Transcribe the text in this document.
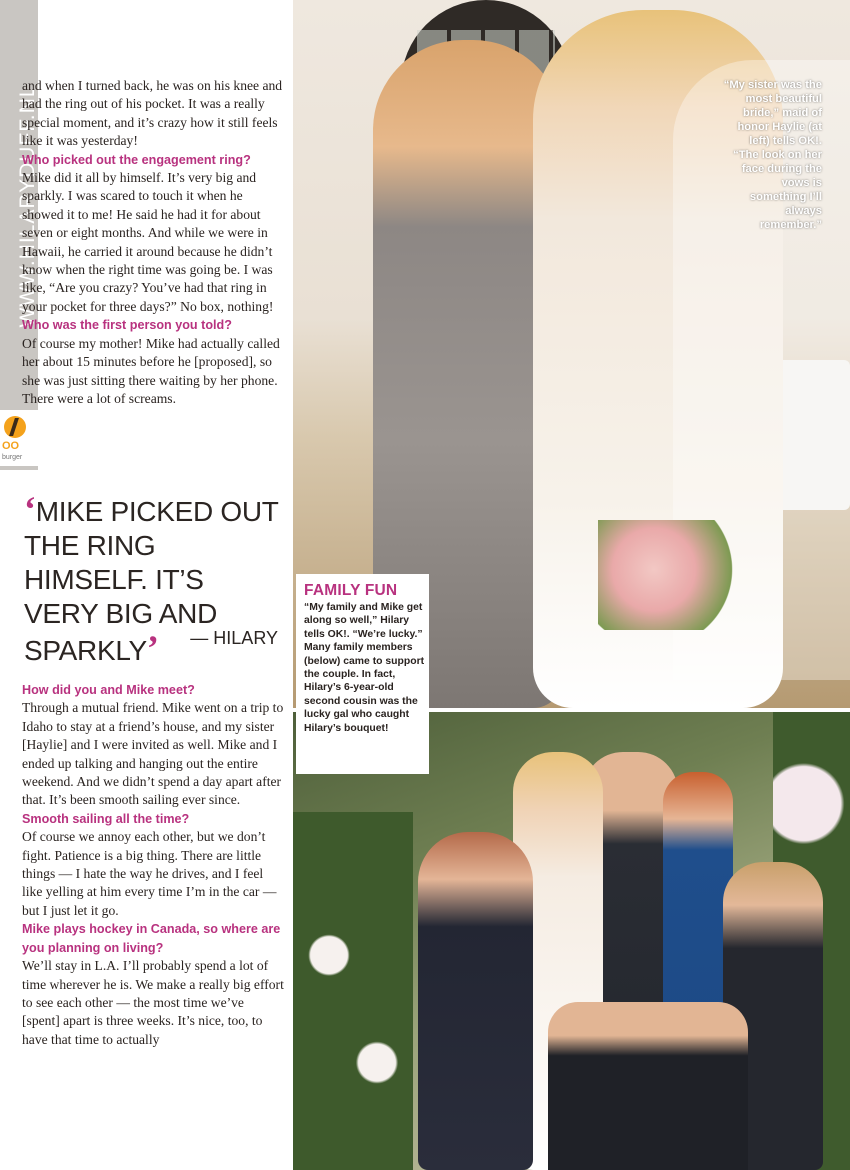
WWW.HILARYDUFF.NL
OO
burger

and when I turned back, he was on his knee and had the ring out of his pocket. It was a really special moment, and it’s crazy how it still feels like it was yesterday!

Who picked out the engagement ring?

Mike did it all by himself. It’s very big and sparkly. I was scared to touch it when he showed it to me! He said he had it for about seven or eight months. And while we were in Hawaii, he carried it around because he didn’t know when the right time was going be. I was like, “Are you crazy? You’ve had that ring in your pocket for three days?” No box, nothing!

Who was the first person you told?

Of course my mother! Mike had actually called her about 15 minutes before he [proposed], so she was just sitting there waiting by her phone. There were a lot of screams.

‘MIKE PICKED OUT THE RING HIMSELF. IT’S VERY BIG AND SPARKLY’	— HILARY

How did you and Mike meet?

Through a mutual friend. Mike went on a trip to Idaho to stay at a friend’s house, and my sister [Haylie] and I were invited as well. Mike and I ended up talking and hanging out the entire weekend. And we didn’t spend a day apart after that. It’s been smooth sailing ever since.

Smooth sailing all the time?

Of course we annoy each other, but we don’t fight. Patience is a big thing. There are little things — I hate the way he drives, and I feel like yelling at him every time I’m in the car — but I just let it go.

Mike plays hockey in Canada, so where are you planning on living?

We’ll stay in L.A. I’ll probably spend a lot of time wherever he is. We make a really big effort to see each other — the most time we’ve [spent] apart is three weeks. It’s nice, too, to have that time to actually

“My sister was the most beautiful bride,” maid of honor Haylie (at left) tells OK!. “The look on her face during the vows is something I’ll always remember.”
FAMILY FUN
“My family and Mike get along so well,” Hilary tells OK!. “We’re lucky.” Many family members (below) came to support the couple. In fact, Hilary’s 6-year-old second cousin was the lucky gal who caught Hilary’s bouquet!
